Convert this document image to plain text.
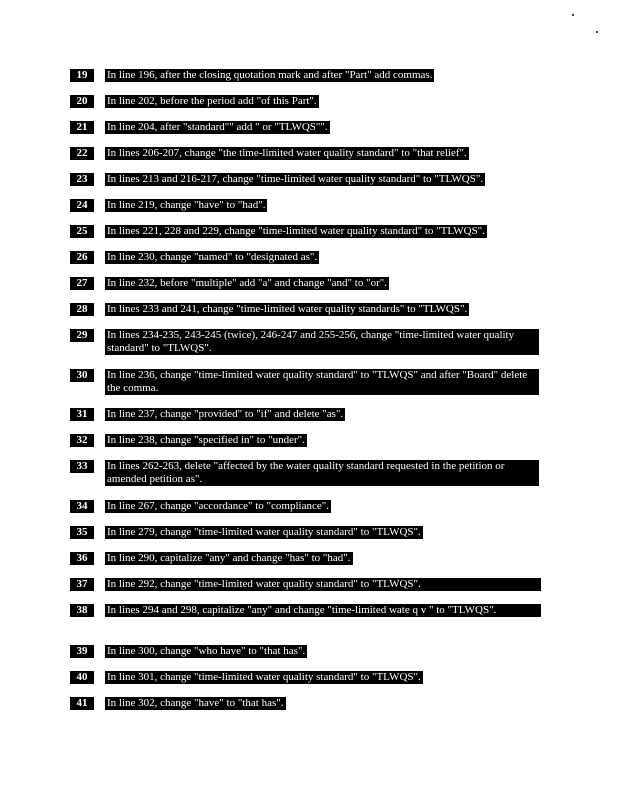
19	In line 196, after the closing quotation mark and after "Part" add commas.
20	In line 202, before the period add "of this Part".
21	In line 204, after "standard"" add " or "TLWQS"".
22	In lines 206-207, change "the time-limited water quality standard" to "that relief".
23	In lines 213 and 216-217, change "time-limited water quality standard" to "TLWQS".
24	In line 219, change "have" to "had".
25	In lines 221, 228 and 229, change "time-limited water quality standard" to "TLWQS".
26	In line 230, change "named" to "designated as".
27	In line 232, before "multiple" add "a" and change "and" to "or".
28	In lines 233 and 241, change "time-limited water quality standards" to "TLWQS".
29	In lines 234-235, 243-245 (twice), 246-247 and 255-256, change "time-limited water quality standard" to "TLWQS".
30	In line 236, change "time-limited water quality standard" to "TLWQS" and after "Board" delete the comma.
31	In line 237, change "provided" to "if" and delete "as".
32	In line 238, change "specified in" to "under".
33	In lines 262-263, delete "affected by the water quality standard requested in the petition or amended petition as".
34	In line 267, change "accordance" to "compliance".
35	In line 279, change "time-limited water quality standard" to "TLWQS".
36	In line 290, capitalize "any" and change "has" to "had".
37	In line 292, change "time-limited water quality standard" to "TLWQS".
38	In lines 294 and 298, capitalize "any" and change "time-limited wate q v " to "TLWQS".
39	In line 300, change "who have" to "that has".
40	In line 301, change "time-limited water quality standard" to "TLWQS".
41	In line 302, change "have" to "that has".
